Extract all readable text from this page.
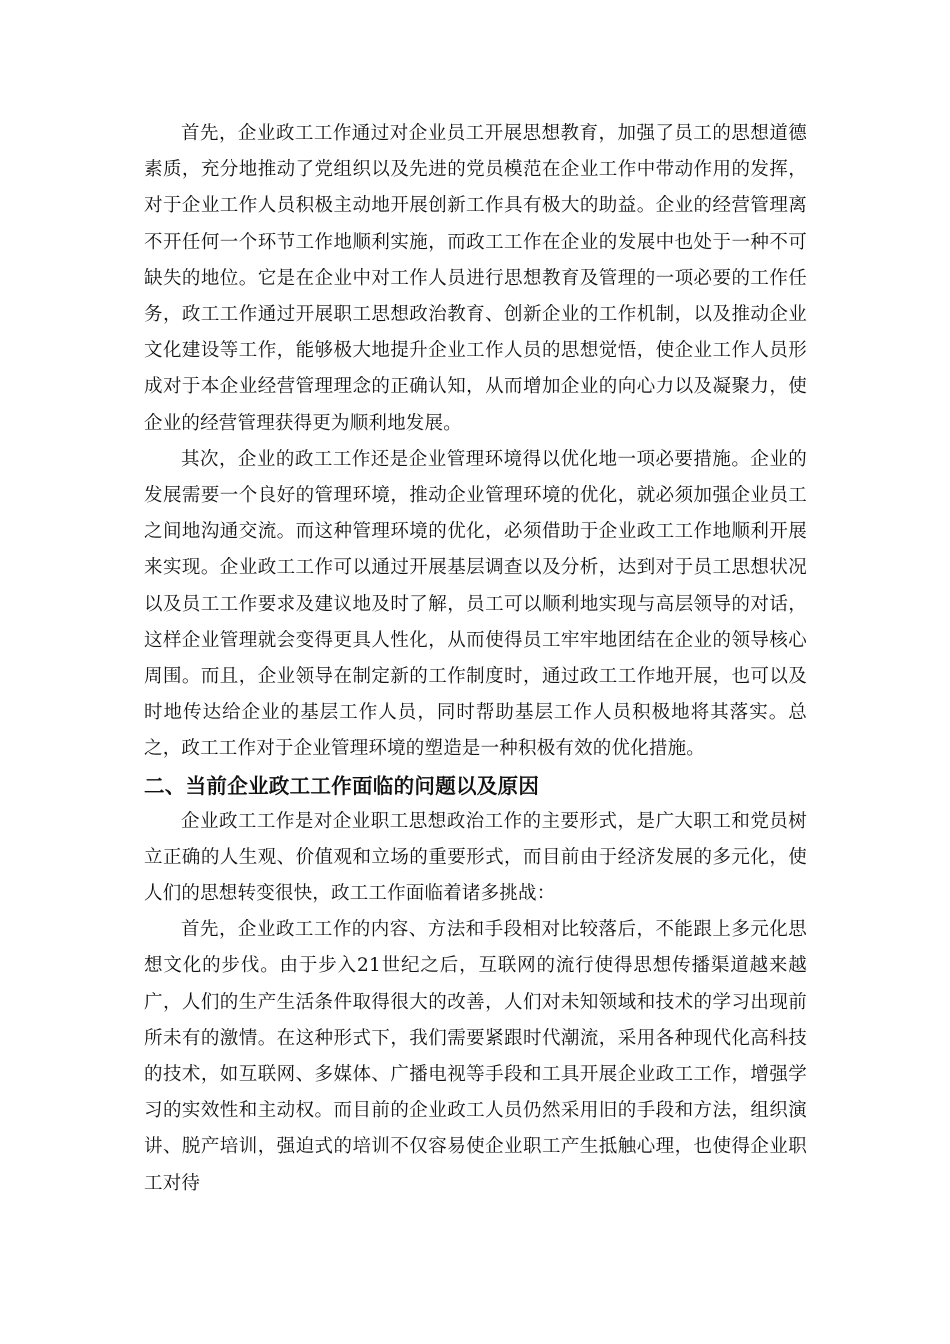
首先，企业政工工作通过对企业员工开展思想教育，加强了员工的思想道德素质，充分地推动了党组织以及先进的党员模范在企业工作中带动作用的发挥，对于企业工作人员积极主动地开展创新工作具有极大的助益。企业的经营管理离不开任何一个环节工作地顺利实施，而政工工作在企业的发展中也处于一种不可缺失的地位。它是在企业中对工作人员进行思想教育及管理的一项必要的工作任务，政工工作通过开展职工思想政治教育、创新企业的工作机制，以及推动企业文化建设等工作，能够极大地提升企业工作人员的思想觉悟，使企业工作人员形成对于本企业经营管理理念的正确认知，从而增加企业的向心力以及凝聚力，使企业的经营管理获得更为顺利地发展。

其次，企业的政工工作还是企业管理环境得以优化地一项必要措施。企业的发展需要一个良好的管理环境，推动企业管理环境的优化，就必须加强企业员工之间地沟通交流。而这种管理环境的优化，必须借助于企业政工工作地顺利开展来实现。企业政工工作可以通过开展基层调查以及分析，达到对于员工思想状况以及员工工作要求及建议地及时了解，员工可以顺利地实现与高层领导的对话，这样企业管理就会变得更具人性化，从而使得员工牢牢地团结在企业的领导核心周围。而且，企业领导在制定新的工作制度时，通过政工工作地开展，也可以及时地传达给企业的基层工作人员，同时帮助基层工作人员积极地将其落实。总之，政工工作对于企业管理环境的塑造是一种积极有效的优化措施。

二、当前企业政工工作面临的问题以及原因

企业政工工作是对企业职工思想政治工作的主要形式，是广大职工和党员树立正确的人生观、价值观和立场的重要形式，而目前由于经济发展的多元化，使人们的思想转变很快，政工工作面临着诸多挑战：

首先，企业政工工作的内容、方法和手段相对比较落后，不能跟上多元化思想文化的步伐。由于步入21世纪之后，互联网的流行使得思想传播渠道越来越广，人们的生产生活条件取得很大的改善，人们对未知领域和技术的学习出现前所未有的激情。在这种形式下，我们需要紧跟时代潮流，采用各种现代化高科技的技术，如互联网、多媒体、广播电视等手段和工具开展企业政工工作，增强学习的实效性和主动权。而目前的企业政工人员仍然采用旧的手段和方法，组织演讲、脱产培训，强迫式的培训不仅容易使企业职工产生抵触心理，也使得企业职工对待
